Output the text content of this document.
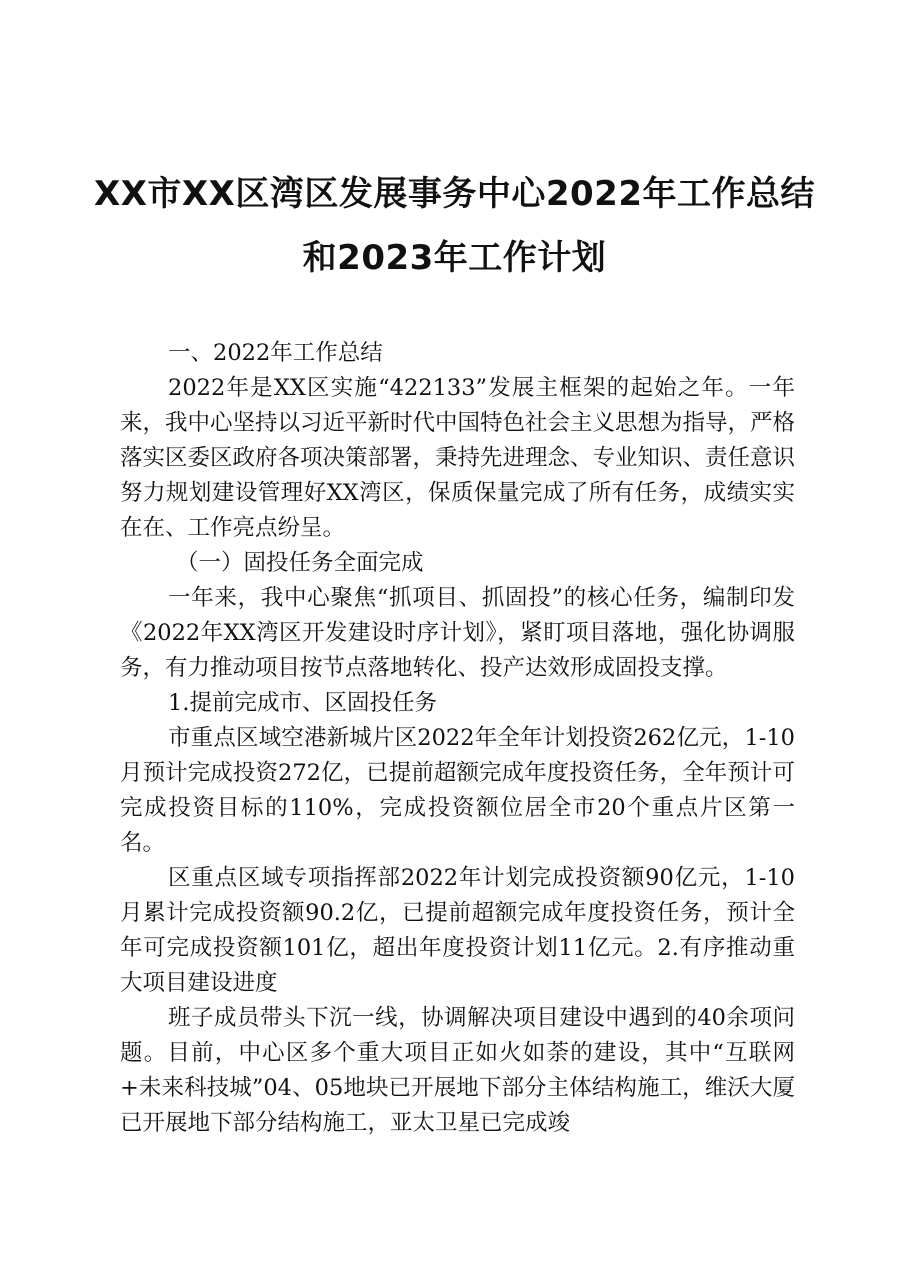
XX市XX区湾区发展事务中心2022年工作总结
和2023年工作计划

一、2022年工作总结

2022年是XX区实施“422133”发展主框架的起始之年。一年来，我中心坚持以习近平新时代中国特色社会主义思想为指导，严格落实区委区政府各项决策部署，秉持先进理念、专业知识、责任意识努力规划建设管理好XX湾区，保质保量完成了所有任务，成绩实实在在、工作亮点纷呈。

（一）固投任务全面完成

一年来，我中心聚焦“抓项目、抓固投”的核心任务，编制印发《2022年XX湾区开发建设时序计划》，紧盯项目落地，强化协调服务，有力推动项目按节点落地转化、投产达效形成固投支撑。

1.提前完成市、区固投任务

市重点区域空港新城片区2022年全年计划投资262亿元，1-10月预计完成投资272亿，已提前超额完成年度投资任务，全年预计可完成投资目标的110%，完成投资额位居全市20个重点片区第一名。

区重点区域专项指挥部2022年计划完成投资额90亿元，1-10月累计完成投资额90.2亿，已提前超额完成年度投资任务，预计全年可完成投资额101亿，超出年度投资计划11亿元。2.有序推动重大项目建设进度

班子成员带头下沉一线，协调解决项目建设中遇到的40余项问题。目前，中心区多个重大项目正如火如荼的建设，其中“互联网+未来科技城”04、05地块已开展地下部分主体结构施工，维沃大厦已开展地下部分结构施工，亚太卫星已完成竣
